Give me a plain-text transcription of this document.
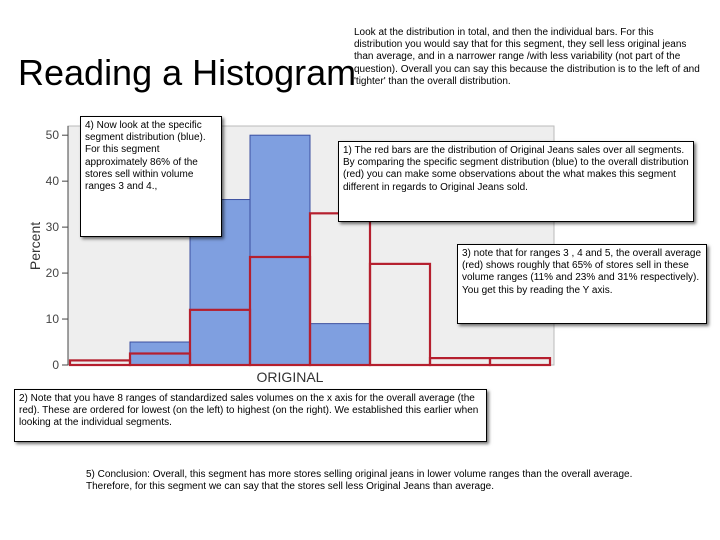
Reading a Histogram
0
10
20
30
40
50
ORIGINAL
Percent
Look at the distribution in total, and then the individual bars. For this distribution you would say that for this segment, they sell less original jeans than average, and in a narrower range /with less variability (not part of the question). Overall you can say this because the distribution is to the left of and 'tighter' than the overall distribution.
4) Now look at the specific segment distribution (blue). For this segment approximately 86% of the stores sell within volume ranges 3 and 4.,
1) The red bars are the distribution of Original Jeans sales over all segments. By comparing the specific segment distribution (blue) to the overall distribution (red) you can make some observations about the what makes this segment different in regards to Original Jeans sold.
3) note that for ranges 3 , 4 and 5, the overall average (red) shows roughly that 65% of stores sell in these volume ranges (11% and 23% and 31% respectively). You get this by reading the Y axis.
2) Note that you have 8 ranges of standardized sales volumes on the x axis for the overall average (the red). These are ordered for lowest (on the left) to highest (on the right). We established this earlier when looking at the individual segments.
5) Conclusion: Overall, this segment has more stores selling original jeans in lower volume ranges than the overall average. Therefore, for this segment we can say that the stores sell less Original Jeans than average.
